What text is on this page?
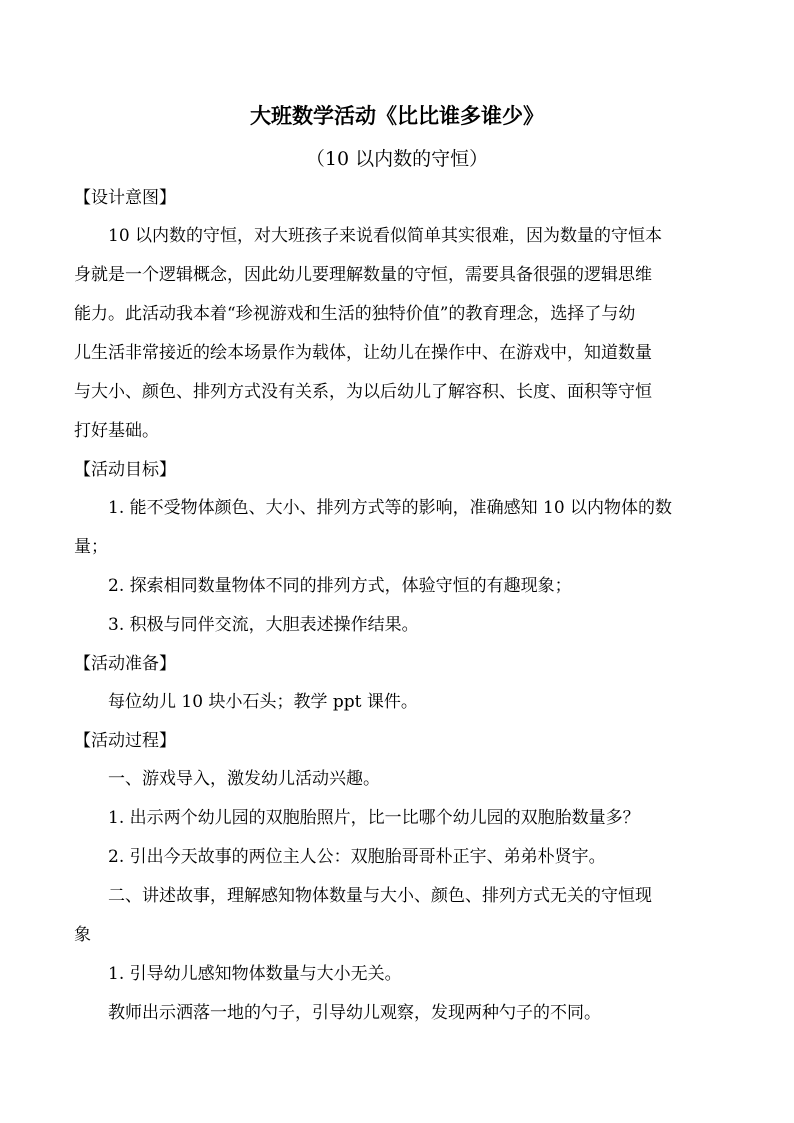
大班数学活动《比比谁多谁少》
（10 以内数的守恒）
【设计意图】
10 以内数的守恒，对大班孩子来说看似简单其实很难，因为数量的守恒本
身就是一个逻辑概念，因此幼儿要理解数量的守恒，需要具备很强的逻辑思维
能力。此活动我本着“珍视游戏和生活的独特价值”的教育理念，选择了与幼
儿生活非常接近的绘本场景作为载体，让幼儿在操作中、在游戏中，知道数量
与大小、颜色、排列方式没有关系，为以后幼儿了解容积、长度、面积等守恒
打好基础。
【活动目标】
1. 能不受物体颜色、大小、排列方式等的影响，准确感知 10 以内物体的数
量；
2. 探索相同数量物体不同的排列方式，体验守恒的有趣现象；
3. 积极与同伴交流，大胆表述操作结果。
【活动准备】
每位幼儿 10 块小石头；教学 ppt 课件。
【活动过程】
一、游戏导入，激发幼儿活动兴趣。
1. 出示两个幼儿园的双胞胎照片，比一比哪个幼儿园的双胞胎数量多？
2. 引出今天故事的两位主人公：双胞胎哥哥朴正宇、弟弟朴贤宇。
二、讲述故事，理解感知物体数量与大小、颜色、排列方式无关的守恒现
象
1. 引导幼儿感知物体数量与大小无关。
教师出示洒落一地的勺子，引导幼儿观察，发现两种勺子的不同。
